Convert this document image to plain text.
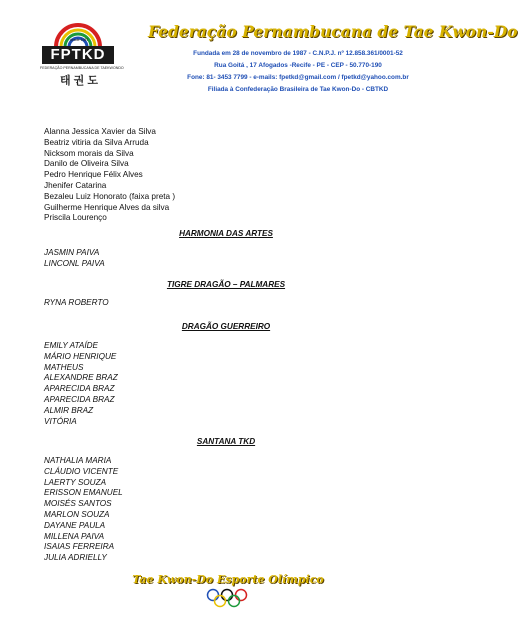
desde 1987
FPTKD
FEDERAÇÃO PERNAMBUCANA DE TAEKWONDO
태 권 도
Federação Pernambucana de Tae Kwon-Do
Fundada em 28 de novembro de 1987 - C.N.P.J. nº 12.858.361/0001-52
Rua Goitá , 17 Afogados -Recife - PE - CEP - 50.770-190
Fone: 81- 3453 7799 - e-mails: fpetkd@gmail.com / fpetkd@yahoo.com.br
Filiada à Confederação Brasileira de Tae Kwon-Do - CBTKD
Alanna Jessica Xavier da Silva
Beatriz vitiria da Silva Arruda
Nicksom morais da Silva
Danilo de Oliveira Silva
Pedro Henrique Félix Alves
Jhenifer Catarina
Bezaleu Luiz Honorato (faixa preta )
Guilherme Henrique Alves da silva
Priscila Lourenço
HARMONIA DAS ARTES
JASMIN PAIVA
LINCONL PAIVA
TIGRE DRAGÃO – PALMARES
RYNA ROBERTO
DRAGÃO GUERREIRO
EMILY ATAÍDE
MÁRIO HENRIQUE
MATHEUS
ALEXANDRE BRAZ
APARECIDA BRAZ
APARECIDA BRAZ
ALMIR BRAZ
VITÓRIA
SANTANA TKD
NATHALIA MARIA
CLÁUDIO VICENTE
LAERTY SOUZA
ERISSON EMANUEL
MOISÉS SANTOS
MARLON SOUZA
DAYANE PAULA
MILLENA PAIVA
ISAIAS FERREIRA
JULIA ADRIELLY
Tae Kwon-Do Esporte Olímpico
